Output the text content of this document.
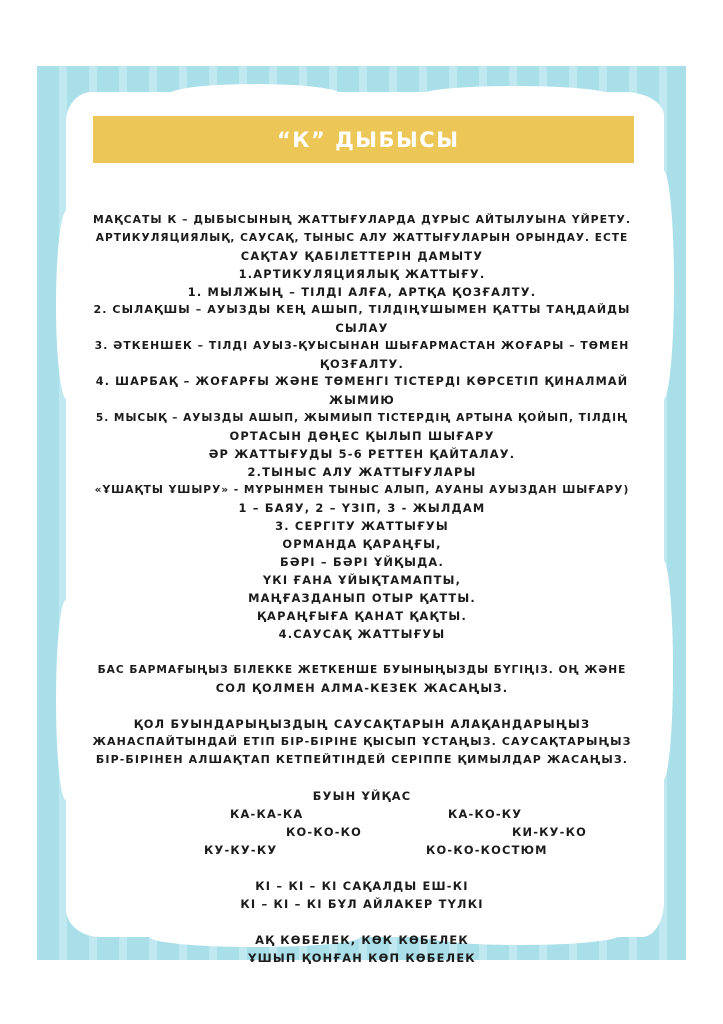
“К” ДЫБЫСЫ
МАҚСАТЫ К – ДЫБЫСЫНЫҢ ЖАТТЫҒУЛАРДА ДҰРЫС АЙТЫЛУЫНА ҮЙРЕТУ.
АРТИКУЛЯЦИЯЛЫҚ, САУСАҚ, ТЫНЫС АЛУ ЖАТТЫҒУЛАРЫН ОРЫНДАУ. ЕСТЕ
САҚТАУ ҚАБІЛЕТТЕРІН ДАМЫТУ
1.АРТИКУЛЯЦИЯЛЫҚ ЖАТТЫҒУ.
1. МЫЛЖЫҢ – ТІЛДІ АЛҒА, АРТҚА ҚОЗҒАЛТУ.
2. СЫЛАҚШЫ – АУЫЗДЫ КЕҢ АШЫП, ТІЛДІҢҰШЫМЕН ҚАТТЫ ТАҢДАЙДЫ
СЫЛАУ
3. ӘТКЕНШЕК – ТІЛДІ АУЫЗ-ҚУЫСЫНАН ШЫҒАРМАСТАН ЖОҒАРЫ – ТӨМЕН
ҚОЗҒАЛТУ.
4. ШАРБАҚ – ЖОҒАРҒЫ ЖӘНЕ ТӨМЕНГІ ТІСТЕРДІ КӨРСЕТІП ҚИНАЛМАЙ
ЖЫМИЮ
5. МЫСЫҚ – АУЫЗДЫ АШЫП, ЖЫМИЫП ТІСТЕРДІҢ АРТЫНА ҚОЙЫП, ТІЛДІҢ
ОРТАСЫН ДӨҢЕС ҚЫЛЫП ШЫҒАРУ
ӘР ЖАТТЫҒУДЫ 5-6 РЕТТЕН ҚАЙТАЛАУ.
2.ТЫНЫС АЛУ ЖАТТЫҒУЛАРЫ
«ҰШАҚТЫ ҰШЫРУ» - МҰРЫНМЕН ТЫНЫС АЛЫП, АУАНЫ АУЫЗДАН ШЫҒАРУ)
1 – БАЯУ, 2 – ҮЗІП, 3 - ЖЫЛДАМ
3. СЕРГІТУ ЖАТТЫҒУЫ
ОРМАНДА ҚАРАҢҒЫ,
БӘРІ – БӘРІ ҰЙҚЫДА.
ҮКІ ҒАНА ҰЙЫҚТАМАПТЫ,
МАҢҒАЗДАНЫП ОТЫР ҚАТТЫ.
ҚАРАҢҒЫҒА ҚАНАТ ҚАҚТЫ.
4.САУСАҚ ЖАТТЫҒУЫ
БАС БАРМАҒЫҢЫЗ БІЛЕККЕ ЖЕТКЕНШЕ БУЫНЫҢЫЗДЫ БҮГІҢІЗ. ОҢ ЖӘНЕ
СОЛ ҚОЛМЕН АЛМА-КЕЗЕК ЖАСАҢЫЗ.
ҚОЛ БУЫНДАРЫҢЫЗДЫҢ САУСАҚТАРЫН АЛАҚАНДАРЫҢЫЗ
ЖАНАСПАЙТЫНДАЙ ЕТІП БІР-БІРІНЕ ҚЫСЫП ҰСТАҢЫЗ. САУСАҚТАРЫҢЫЗ
БІР-БІРІНЕН АЛШАҚТАП КЕТПЕЙТІНДЕЙ СЕРІППЕ ҚИМЫЛДАР ЖАСАҢЫЗ.
БУЫН ҰЙҚАС
КА-КА-КА	КА-КО-КУ
КО-КО-КО	КИ-КУ-КО
КУ-КУ-КУ	КО-КО-КОСТЮМ
КІ – КІ – КІ САҚАЛДЫ ЕШ-КІ
КІ – КІ – КІ БҰЛ АЙЛАКЕР ТҮЛКІ
АҚ КӨБЕЛЕК, КӨК КӨБЕЛЕК
ҰШЫП ҚОНҒАН КӨП КӨБЕЛЕК
